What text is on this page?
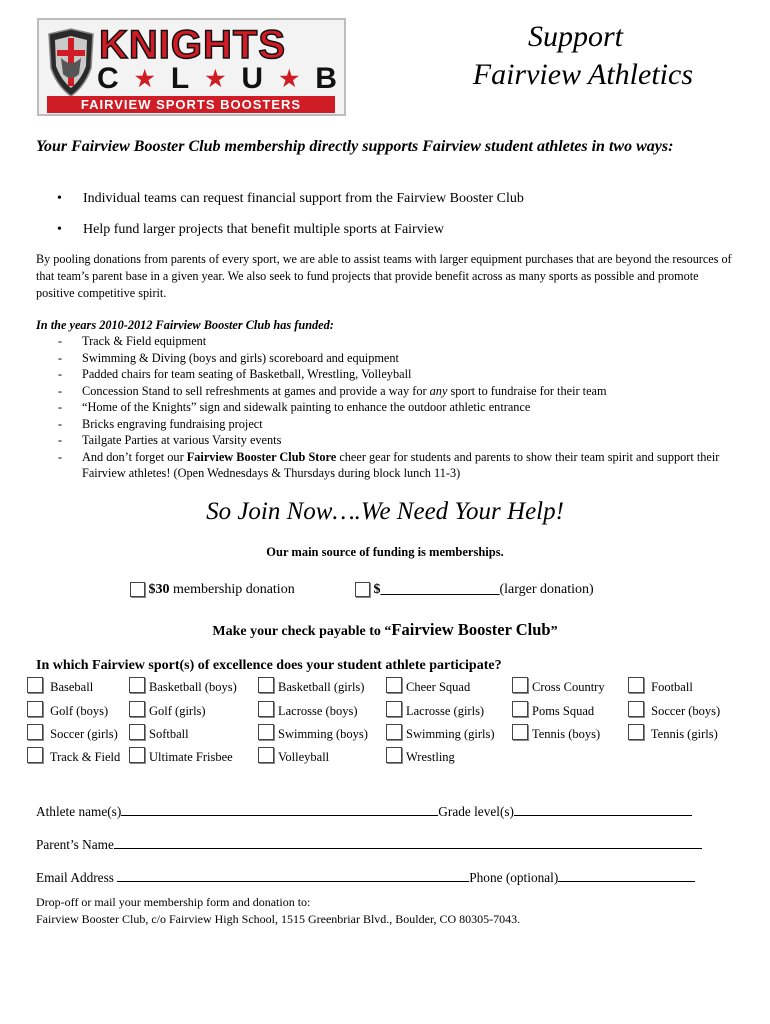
KNIGHTS
C ★ L ★ U ★ B
FAIRVIEW SPORTS BOOSTERS
Support
Fairview Athletics
Your Fairview Booster Club membership directly supports Fairview student athletes in two ways:
• Individual teams can request financial support from the Fairview Booster Club
• Help fund larger projects that benefit multiple sports at Fairview
By pooling donations from parents of every sport, we are able to assist teams with larger equipment purchases that are beyond the resources of that team’s parent base in a given year. We also seek to fund projects that provide benefit across as many sports as possible and promote positive competitive spirit.
In the years 2010-2012 Fairview Booster Club has funded:
- Track & Field equipment
- Swimming & Diving (boys and girls) scoreboard and equipment
- Padded chairs for team seating of Basketball, Wrestling, Volleyball
- Concession Stand to sell refreshments at games and provide a way for any sport to fundraise for their team
- “Home of the Knights” sign and sidewalk painting to enhance the outdoor athletic entrance
- Bricks engraving fundraising project
- Tailgate Parties at various Varsity events
- And don’t forget our Fairview Booster Club Store cheer gear for students and parents to show their team spirit and support their Fairview athletes! (Open Wednesdays & Thursdays during block lunch 11-3)
So Join Now….We Need Your Help!
Our main source of funding is memberships.
$30 membership donation	$_________________(larger donation)
Make your check payable to “Fairview Booster Club”
In which Fairview sport(s) of excellence does your student athlete participate?
Baseball	Basketball (boys)	Basketball (girls)	Cheer Squad	Cross Country	Football
Golf (boys)	Golf (girls)	Lacrosse (boys)	Lacrosse (girls)	Poms Squad	Soccer (boys)
Soccer (girls)	Softball	Swimming (boys)	Swimming (girls)	Tennis (boys)	Tennis (girls)
Track & Field	Ultimate Frisbee	Volleyball	Wrestling
Athlete name(s)	Grade level(s)
Parent’s Name
Email Address	Phone (optional)
Drop-off or mail your membership form and donation to:
Fairview Booster Club, c/o Fairview High School, 1515 Greenbriar Blvd., Boulder, CO 80305-7043.
